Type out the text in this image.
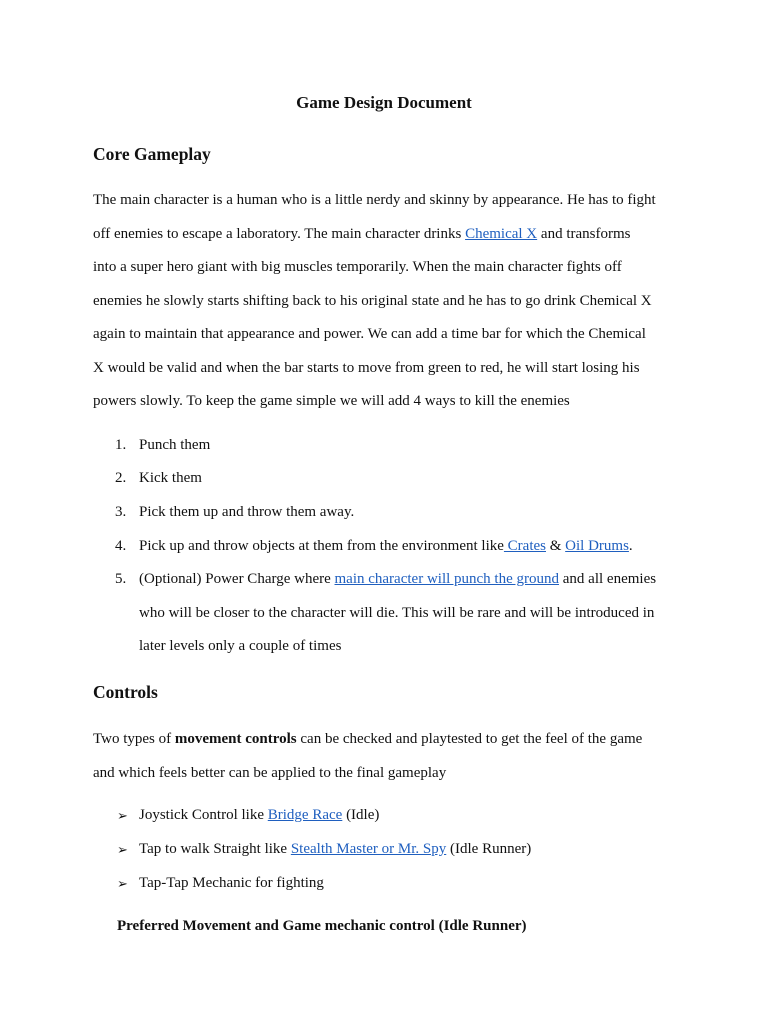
Game Design Document
Core Gameplay
The main character is a human who is a little nerdy and skinny by appearance. He has to fight
off enemies to escape a laboratory. The main character drinks Chemical X and transforms
into a super hero giant with big muscles temporarily. When the main character fights off
enemies he slowly starts shifting back to his original state and he has to go drink Chemical X
again to maintain that appearance and power. We can add a time bar for which the Chemical
X would be valid and when the bar starts to move from green to red, he will start losing his
powers slowly. To keep the game simple we will add 4 ways to kill the enemies
1. Punch them
2. Kick them
3. Pick them up and throw them away.
4. Pick up and throw objects at them from the environment like Crates & Oil Drums.
5. (Optional) Power Charge where main character will punch the ground and all enemies
who will be closer to the character will die. This will be rare and will be introduced in
later levels only a couple of times
Controls
Two types of movement controls can be checked and playtested to get the feel of the game
and which feels better can be applied to the final gameplay
➢ Joystick Control like Bridge Race (Idle)
➢ Tap to walk Straight like Stealth Master or Mr. Spy (Idle Runner)
➢ Tap-Tap Mechanic for fighting
Preferred Movement and Game mechanic control (Idle Runner)
